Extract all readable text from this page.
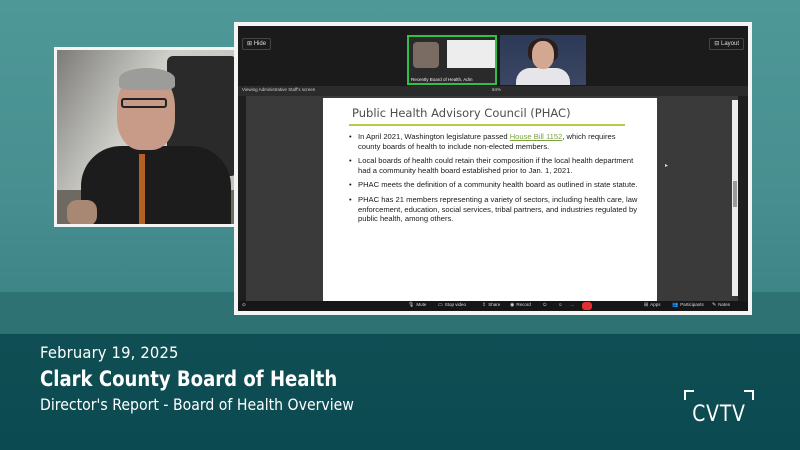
⊞ Hide	⊟ Layout
Recently Board of Health, Adm
Viewing Administrative Staff's screen	84%
Public Health Advisory Council (PHAC)
• In April 2021, Washington legislature passed House Bill 1152, which requires county boards of health to include non-elected members.
• Local boards of health could retain their composition if the local health department had a community health board established prior to Jan. 1, 2021.
• PHAC meets the definition of a community health board as outlined in state statute.
• PHAC has 21 members representing a variety of sectors, including health care, law enforcement, education, social services, tribal partners, and industries regulated by public health, among others.
▸
⊙	🎙 Mute ▭ Stop video	⇪ Share ◉ Record	⏻	☺ …	⊞ Apps 👥 Participants ✎ Notes
February 19, 2025
Clark County Board of Health
Director's Report - Board of Health Overview	CVTV
